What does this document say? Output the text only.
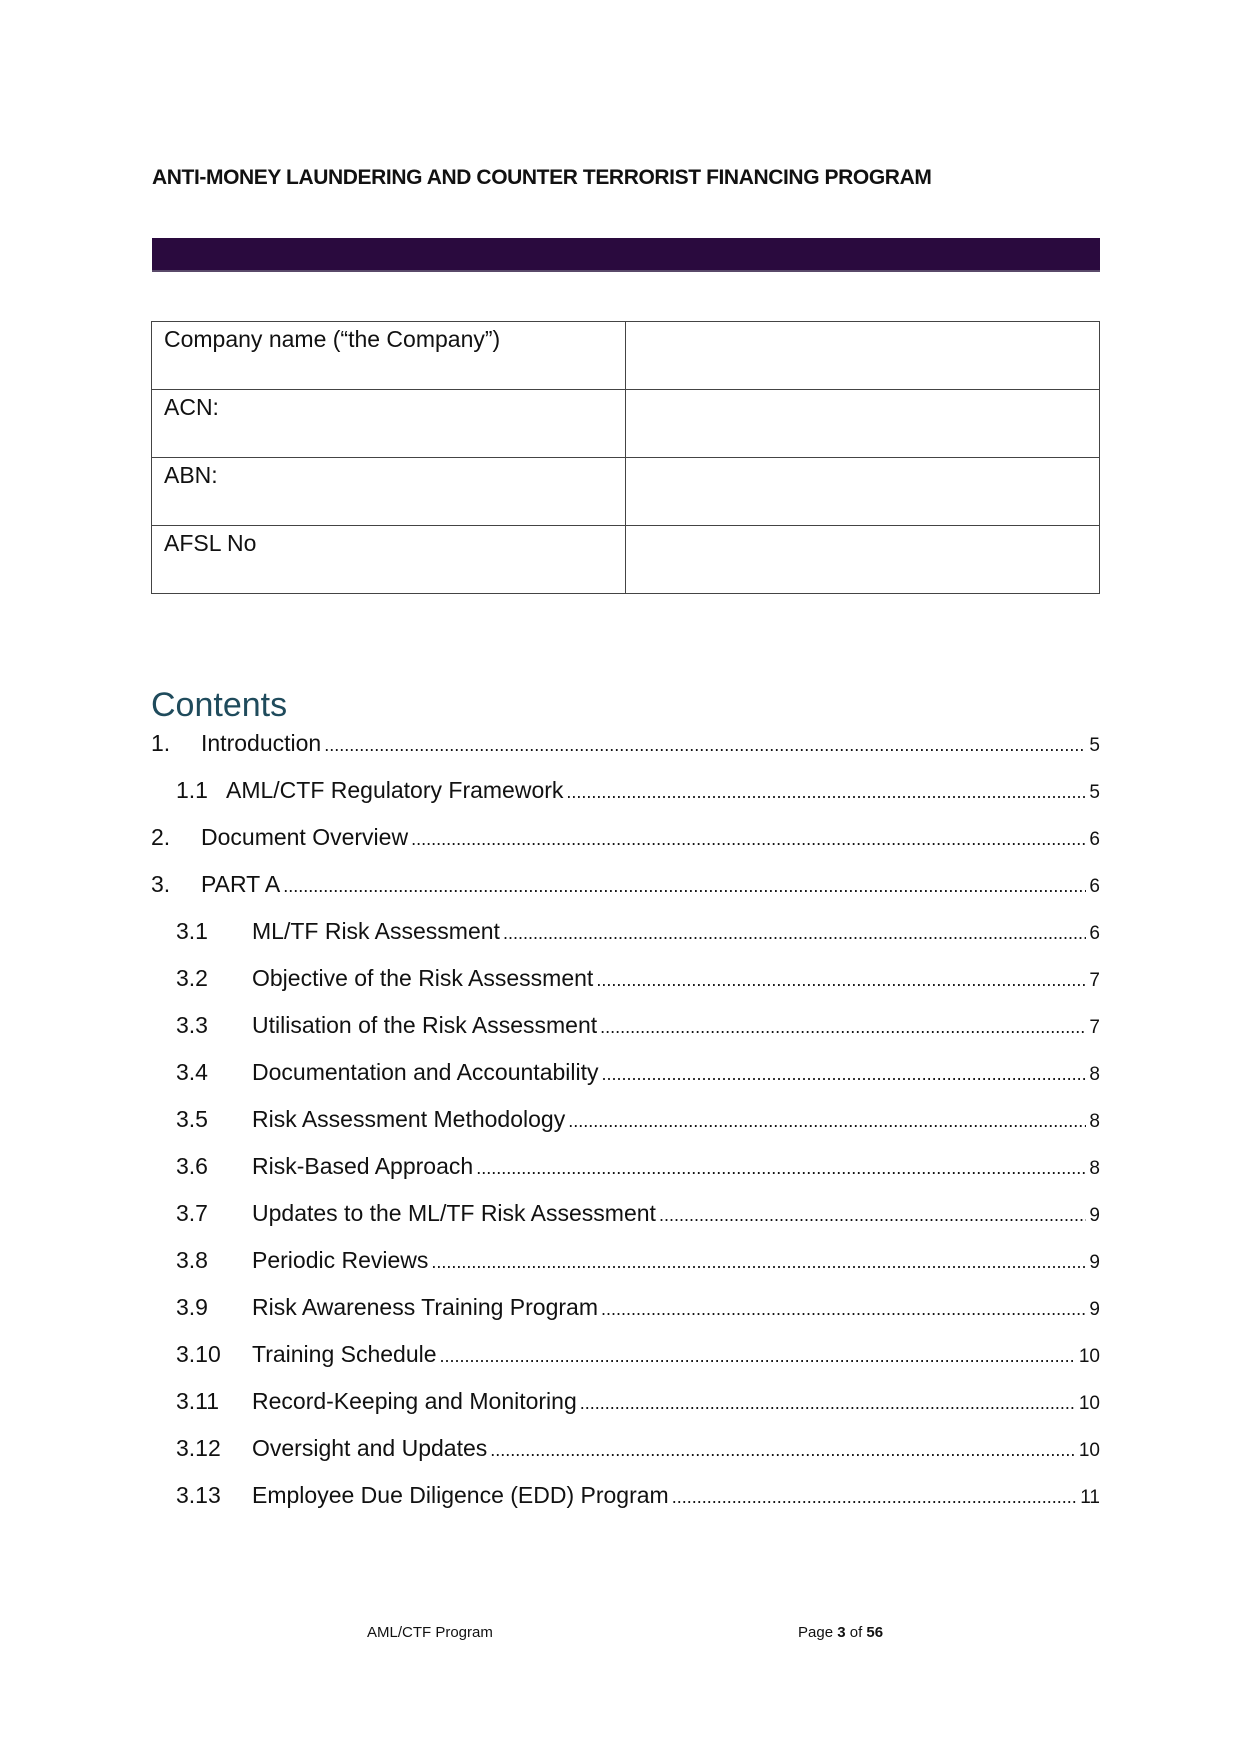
ANTI-MONEY LAUNDERING AND COUNTER TERRORIST FINANCING PROGRAM
Company name (“the Company”)	
ACN:	
ABN:	
AFSL No	
Contents
1.	Introduction .....	5
1.1 AML/CTF Regulatory Framework .....	5
2.	Document Overview .....	6
3.	PART A .....	6
3.1	ML/TF Risk Assessment .....	6
3.2	Objective of the Risk Assessment .....	7
3.3	Utilisation of the Risk Assessment .....	7
3.4	Documentation and Accountability .....	8
3.5	Risk Assessment Methodology .....	8
3.6	Risk-Based Approach .....	8
3.7	Updates to the ML/TF Risk Assessment .....	9
3.8	Periodic Reviews .....	9
3.9	Risk Awareness Training Program .....	9
3.10	Training Schedule .....	10
3.11	Record-Keeping and Monitoring .....	10
3.12	Oversight and Updates .....	10
3.13	Employee Due Diligence (EDD) Program .....	11
AML/CTF Program	Page 3 of 56
